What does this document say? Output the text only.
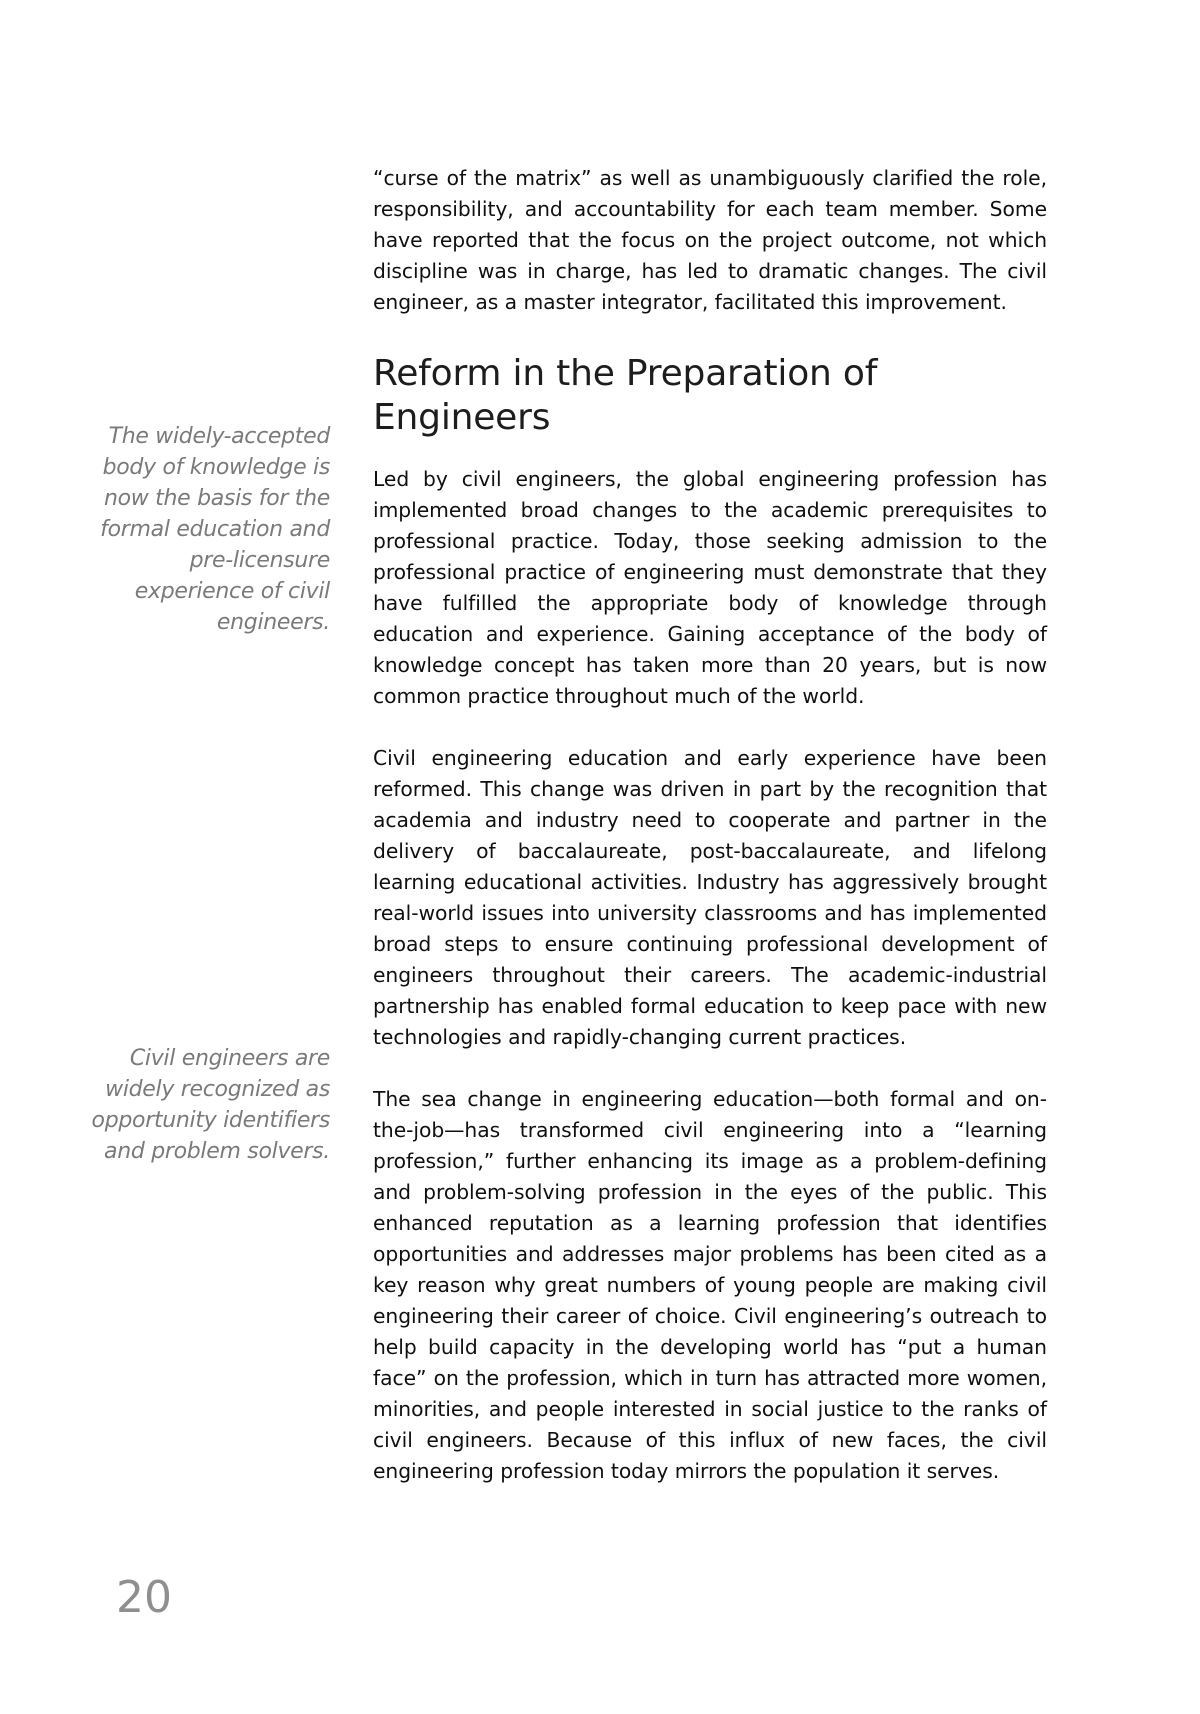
“curse of the matrix” as well as unambiguously clarified the role, responsibility, and accountability for each team member. Some have reported that the focus on the project outcome, not which discipline was in charge, has led to dramatic changes. The civil engineer, as a master integrator, facilitated this improvement.

Reform in the Preparation of Engineers

Led by civil engineers, the global engineering profession has implemented broad changes to the academic prerequisites to professional practice. Today, those seeking admission to the professional practice of engineering must demonstrate that they have fulfilled the appropriate body of knowledge through education and experience. Gaining acceptance of the body of knowledge concept has taken more than 20 years, but is now common practice throughout much of the world.

Civil engineering education and early experience have been reformed. This change was driven in part by the recognition that academia and industry need to cooperate and partner in the delivery of baccalaureate, post-baccalaureate, and lifelong learning educational activities. Industry has aggressively brought real-world issues into university classrooms and has implemented broad steps to ensure continuing professional development of engineers throughout their careers. The academic-industrial partnership has enabled formal education to keep pace with new technologies and rapidly-changing current practices.

The sea change in engineering education—both formal and on-the-job—has transformed civil engineering into a “learning profession,” further enhancing its image as a problem-defining and problem-solving profession in the eyes of the public. This enhanced reputation as a learning profession that identifies opportunities and addresses major problems has been cited as a key reason why great numbers of young people are making civil engineering their career of choice. Civil engineering’s outreach to help build capacity in the developing world has “put a human face” on the profession, which in turn has attracted more women, minorities, and people interested in social justice to the ranks of civil engineers. Because of this influx of new faces, the civil engineering profession today mirrors the population it serves.

The widely-accepted body of knowledge is now the basis for the formal education and pre-licensure experience of civil engineers.

Civil engineers are widely recognized as opportunity identifiers and problem solvers.

20
